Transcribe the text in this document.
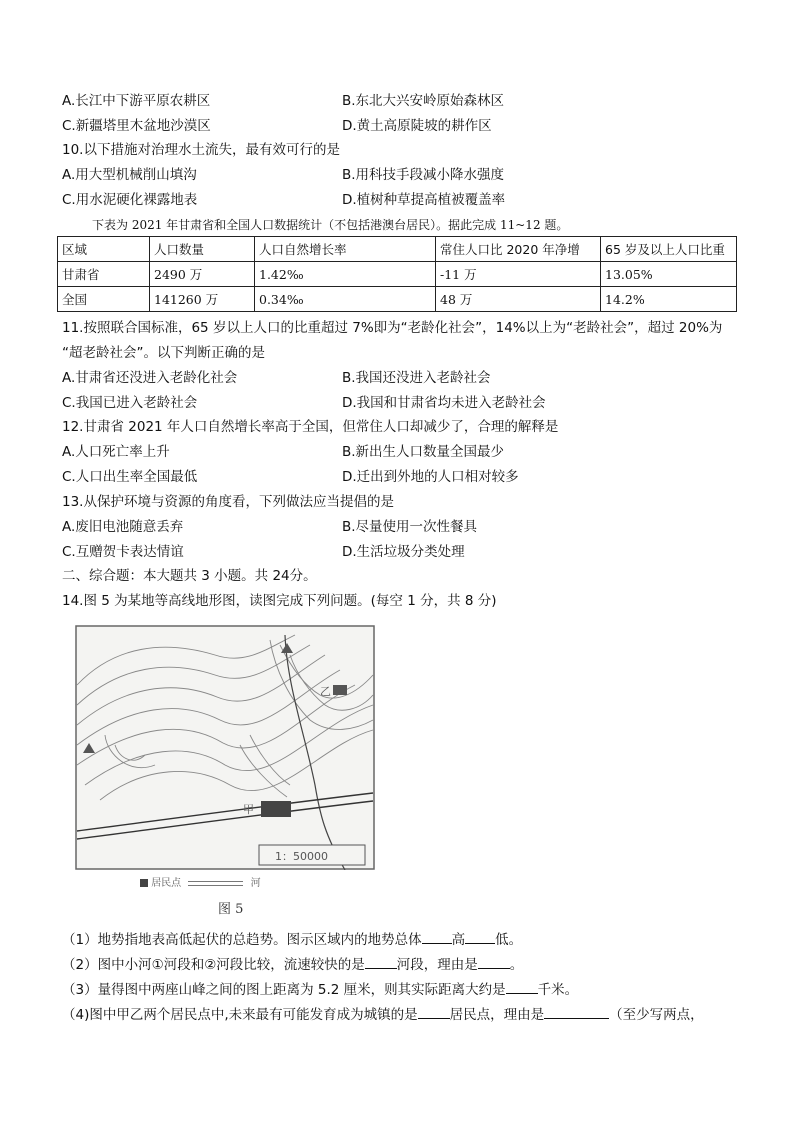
A.长江中下游平原农耕区	B.东北大兴安岭原始森林区
C.新疆塔里木盆地沙漠区	D.黄土高原陡坡的耕作区
10.以下措施对治理水土流失，最有效可行的是
A.用大型机械削山填沟	B.用科技手段减小降水强度
C.用水泥硬化裸露地表	D.植树种草提高植被覆盖率
下表为 2021 年甘肃省和全国人口数据统计（不包括港澳台居民）。据此完成 11~12 题。
区域	人口数量	人口自然增长率	常住人口比 2020 年净增	65 岁及以上人口比重
甘肃省	2490 万	1.42‰	-11 万	13.05%
全国	141260 万	0.34‰	48 万	14.2%
11.按照联合国标准，65 岁以上人口的比重超过 7%即为“老龄化社会”，14%以上为“老龄社会”，超过 20%为
“超老龄社会”。以下判断正确的是
A.甘肃省还没进入老龄化社会	B.我国还没进入老龄社会
C.我国已进入老龄社会	D.我国和甘肃省均未进入老龄社会
12.甘肃省 2021 年人口自然增长率高于全国，但常住人口却减少了，合理的解释是
A.人口死亡率上升	B.新出生人口数量全国最少
C.人口出生率全国最低	D.迁出到外地的人口相对较多
13.从保护环境与资源的角度看，下列做法应当提倡的是
A.废旧电池随意丢弃	B.尽量使用一次性餐具
C.互赠贺卡表达情谊	D.生活垃圾分类处理
二、综合题：本大题共 3 小题。共 24分。
14.图 5 为某地等高线地形图，读图完成下列问题。(每空 1 分，共 8 分)
甲
乙
1：50000
居民点	河
图 5
（1）地势指地表高低起伏的总趋势。图示区域内的地势总体 高 低。
（2）图中小河①河段和②河段比较，流速较快的是 河段，理由是 。
（3）量得图中两座山峰之间的图上距离为 5.2 厘米，则其实际距离大约是 千米。
（4)图中甲乙两个居民点中,未来最有可能发育成为城镇的是 居民点，理由是	（至少写两点，
